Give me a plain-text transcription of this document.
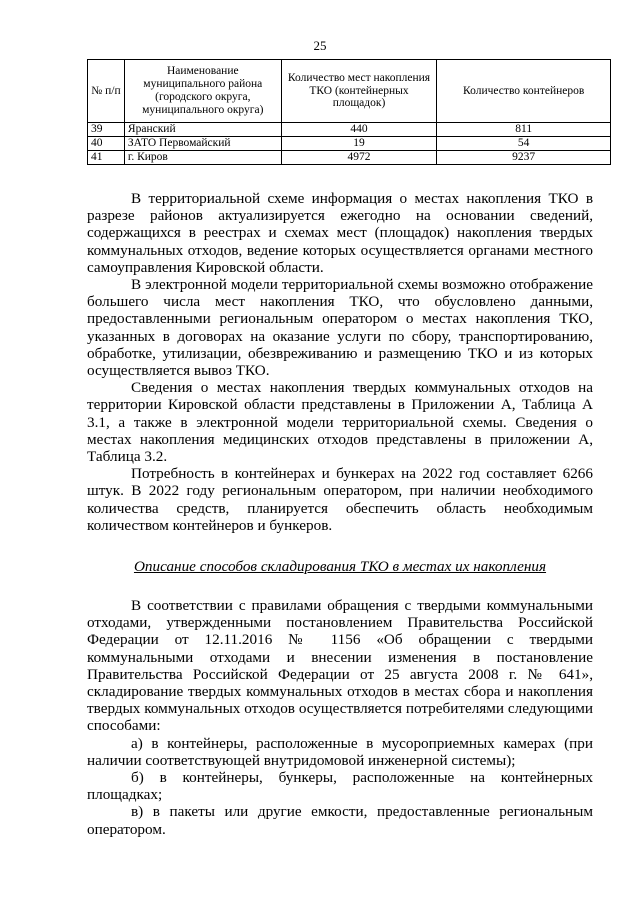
25
№ п/п	Наименование муниципального района (городского округа, муниципального округа)	Количество мест накопления ТКО (контейнерных площадок)	Количество контейнеров
39	Яранский	440	811
40	ЗАТО Первомайский	19	54
41	г. Киров	4972	9237

В территориальной схеме информация о местах накопления ТКО в разрезе районов актуализируется ежегодно на основании сведений, содержащихся в реестрах и схемах мест (площадок) накопления твердых коммунальных отходов, ведение которых осуществляется органами местного самоуправления Кировской области.

В электронной модели территориальной схемы возможно отображение большего числа мест накопления ТКО, что обусловлено данными, предоставленными региональным оператором о местах накопления ТКО, указанных в договорах на оказание услуги по сбору, транспортированию, обработке, утилизации, обезвреживанию и размещению ТКО и из которых осуществляется вывоз ТКО.

Сведения о местах накопления твердых коммунальных отходов на территории Кировской области представлены в Приложении А, Таблица А 3.1, а также в электронной модели территориальной схемы. Сведения о местах накопления медицинских отходов представлены в приложении А, Таблица 3.2.

Потребность в контейнерах и бункерах на 2022 год составляет 6266 штук. В 2022 году региональным оператором, при наличии необходимого количества средств, планируется обеспечить область необходимым количеством контейнеров и бункеров.

Описание способов складирования ТКО в местах их накопления

В соответствии с правилами обращения с твердыми коммунальными отходами, утвержденными постановлением Правительства Российской Федерации от 12.11.2016 № 1156 «Об обращении с твердыми коммунальными отходами и внесении изменения в постановление Правительства Российской Федерации от 25 августа 2008 г. № 641», складирование твердых коммунальных отходов в местах сбора и накопления твердых коммунальных отходов осуществляется потребителями следующими способами:

а) в контейнеры, расположенные в мусороприемных камерах (при наличии соответствующей внутридомовой инженерной системы);

б) в контейнеры, бункеры, расположенные на контейнерных площадках;

в) в пакеты или другие емкости, предоставленные региональным оператором.
